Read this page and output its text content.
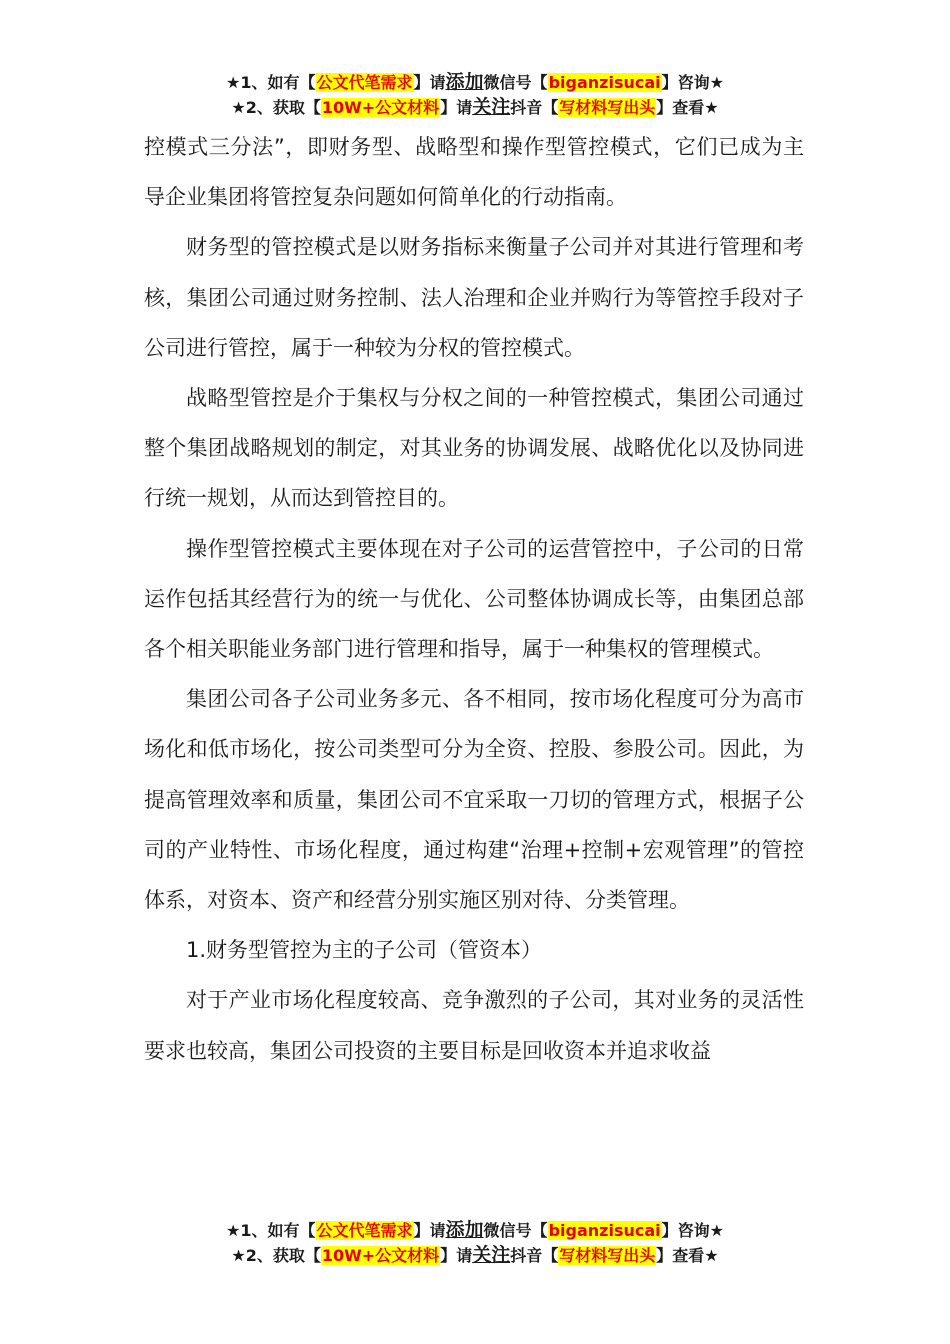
★1、如有【公文代笔需求】请添加微信号【biganzisucai】咨询★
★2、获取【10W+公文材料】请关注抖音【写材料写出头】查看★

控模式三分法”，即财务型、战略型和操作型管控模式，它们已成为主导企业集团将管控复杂问题如何简单化的行动指南。

财务型的管控模式是以财务指标来衡量子公司并对其进行管理和考核，集团公司通过财务控制、法人治理和企业并购行为等管控手段对子公司进行管控，属于一种较为分权的管控模式。

战略型管控是介于集权与分权之间的一种管控模式，集团公司通过整个集团战略规划的制定，对其业务的协调发展、战略优化以及协同进行统一规划，从而达到管控目的。

操作型管控模式主要体现在对子公司的运营管控中，子公司的日常运作包括其经营行为的统一与优化、公司整体协调成长等，由集团总部各个相关职能业务部门进行管理和指导，属于一种集权的管理模式。

集团公司各子公司业务多元、各不相同，按市场化程度可分为高市场化和低市场化，按公司类型可分为全资、控股、参股公司。因此，为提高管理效率和质量，集团公司不宜采取一刀切的管理方式，根据子公司的产业特性、市场化程度，通过构建“治理+控制+宏观管理”的管控体系，对资本、资产和经营分别实施区别对待、分类管理。

1.财务型管控为主的子公司（管资本）

对于产业市场化程度较高、竞争激烈的子公司，其对业务的灵活性要求也较高，集团公司投资的主要目标是回收资本并追求收益

★1、如有【公文代笔需求】请添加微信号【biganzisucai】咨询★
★2、获取【10W+公文材料】请关注抖音【写材料写出头】查看★
